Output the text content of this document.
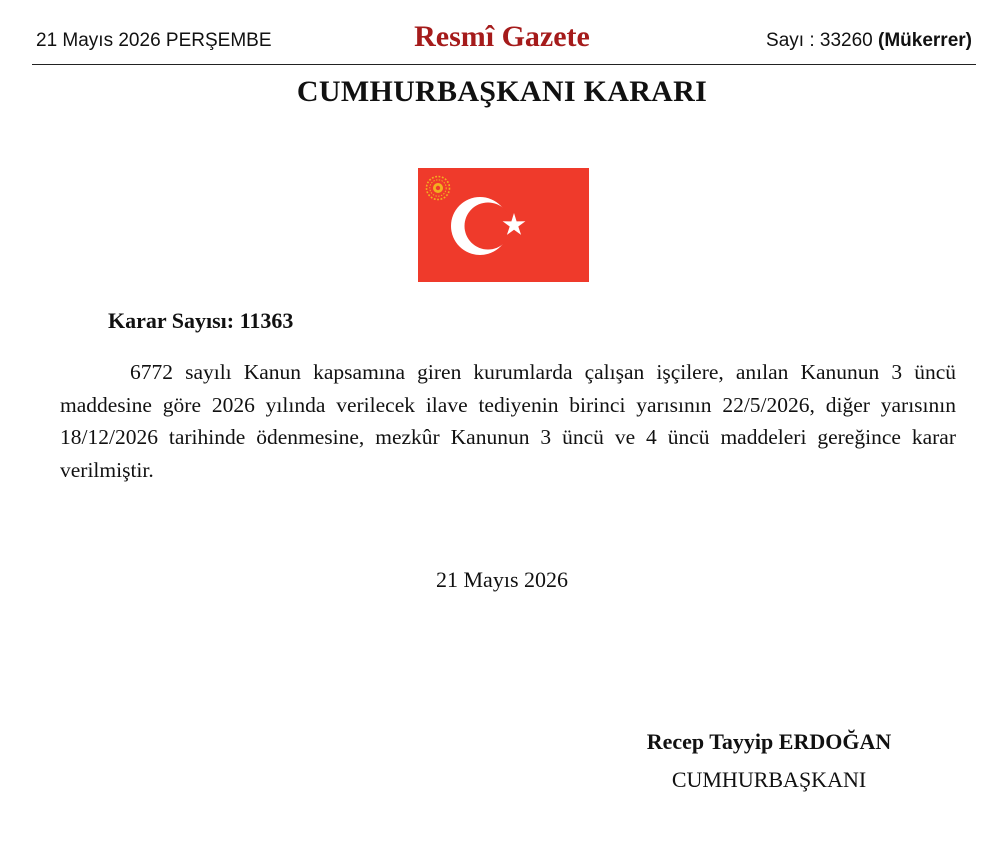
21 Mayıs 2026 PERŞEMBE	Resmî Gazete	Sayı : 33260 (Mükerrer)
CUMHURBAŞKANI KARARI
Karar Sayısı: 11363

6772 sayılı Kanun kapsamına giren kurumlarda çalışan işçilere, anılan Kanunun 3 üncü maddesine göre 2026 yılında verilecek ilave tediyenin birinci yarısının 22/5/2026, diğer yarısının 18/12/2026 tarihinde ödenmesine, mezkûr Kanunun 3 üncü ve 4 üncü maddeleri gereğince karar verilmiştir.

21 Mayıs 2026
Recep Tayyip ERDOĞAN
CUMHURBAŞKANI
